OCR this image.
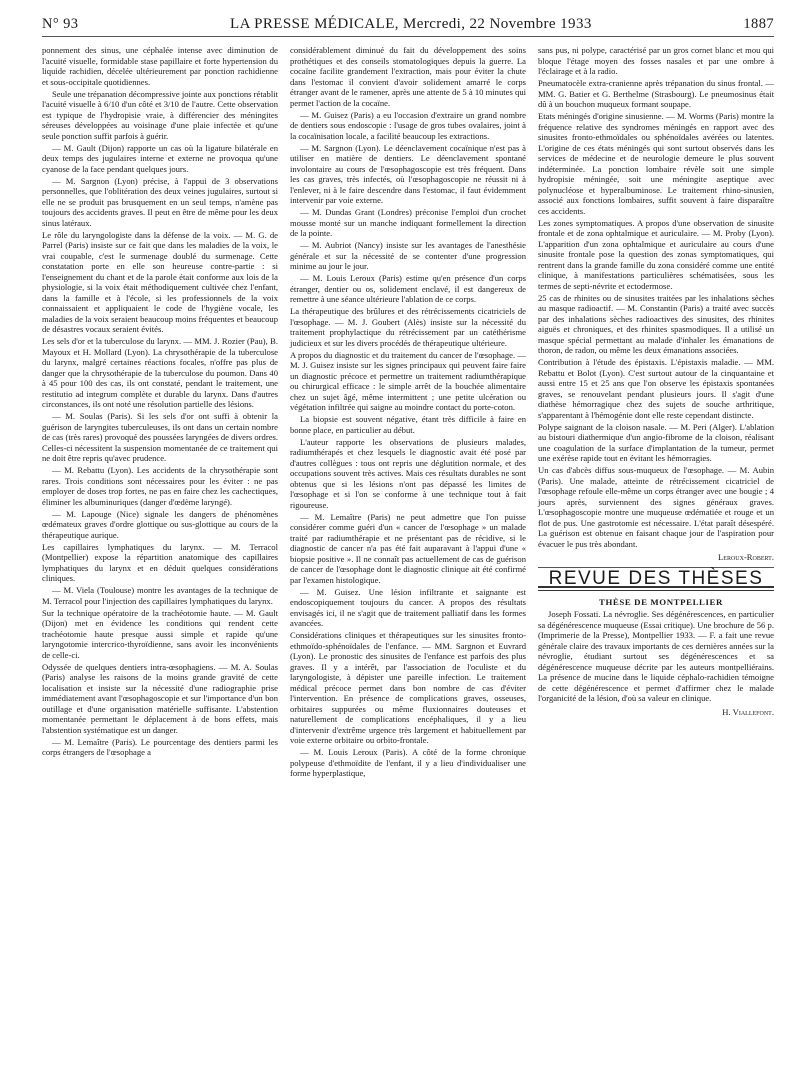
N° 93	LA PRESSE MÉDICALE, Mercredi, 22 Novembre 1933	1887

ponnement des sinus, une céphalée intense avec diminution de l'acuité visuelle, formidable stase papillaire et forte hypertension du liquide rachidien, décelée ultérieurement par ponction rachidienne et sous-occipitale quotidiennes.

Seule une trépanation décompressive jointe aux ponctions rétablit l'acuité visuelle à 6/10 d'un côté et 3/10 de l'autre. Cette observation est typique de l'hydropisie vraie, à différencier des méningites séreuses développées au voisinage d'une plaie infectée et qu'une seule ponction suffit parfois à guérir.

— M. Gault (Dijon) rapporte un cas où la ligature bilatérale en deux temps des jugulaires interne et externe ne provoqua qu'une cyanose de la face pendant quelques jours.

— M. Sargnon (Lyon) précise, à l'appui de 3 observations personnelles, que l'oblitération des deux veines jugulaires, surtout si elle ne se produit pas brusquement en un seul temps, n'amène pas toujours des accidents graves. Il peut en être de même pour les deux sinus latéraux.

Le rôle du laryngologiste dans la défense de la voix. — M. G. de Parrel (Paris) insiste sur ce fait que dans les maladies de la voix, le vrai coupable, c'est le surmenage doublé du surmenage. Cette constatation porte en elle son heureuse contre-partie : si l'enseignement du chant et de la parole était conforme aux lois de la physiologie, si la voix était méthodiquement cultivée chez l'enfant, dans la famille et à l'école, si les professionnels de la voix connaissaient et appliquaient le code de l'hygiène vocale, les maladies de la voix seraient beaucoup moins fréquentes et beaucoup de désastres vocaux seraient évités.

Les sels d'or et la tuberculose du larynx. — MM. J. Rozier (Pau), B. Mayoux et H. Mollard (Lyon). La chrysothérapie de la tuberculose du larynx, malgré certaines réactions focales, n'offre pas plus de danger que la chrysothérapie de la tuberculose du poumon. Dans 40 à 45 pour 100 des cas, ils ont constaté, pendant le traitement, une restitutio ad integrum complète et durable du larynx. Dans d'autres circonstances, ils ont noté une résolution partielle des lésions.

— M. Soulas (Paris). Si les sels d'or ont suffi à obtenir la guérison de laryngites tuberculeuses, ils ont dans un certain nombre de cas (très rares) provoqué des poussées laryngées de divers ordres. Celles-ci nécessitent la suspension momentanée de ce traitement qui ne doit être repris qu'avec prudence.

— M. Rebattu (Lyon). Les accidents de la chrysothérapie sont rares. Trois conditions sont nécessaires pour les éviter : ne pas employer de doses trop fortes, ne pas en faire chez les cachectiques, éliminer les albuminuriques (danger d'œdème laryngé).

— M. Lapouge (Nice) signale les dangers de phénomènes œdémateux graves d'ordre glottique ou sus-glottique au cours de la thérapeutique aurique.

Les capillaires lymphatiques du larynx. — M. Terracol (Montpellier) expose la répartition anatomique des capillaires lymphatiques du larynx et en déduit quelques considérations cliniques.

— M. Viela (Toulouse) montre les avantages de la technique de M. Terracol pour l'injection des capillaires lymphatiques du larynx.

Sur la technique opératoire de la trachéotomie haute. — M. Gault (Dijon) met en évidence les conditions qui rendent cette trachéotomie haute presque aussi simple et rapide qu'une laryngotomie intercrico-thyroïdienne, sans avoir les inconvénients de celle-ci.

Odyssée de quelques dentiers intra-œsophagiens. — M. A. Soulas (Paris) analyse les raisons de la moins grande gravité de cette localisation et insiste sur la nécessité d'une radiographie prise immédiatement avant l'œsophagoscopie et sur l'importance d'un bon outillage et d'une organisation matérielle suffisante. L'abstention momentanée permettant le déplacement à de bons effets, mais l'abstention systématique est un danger.

— M. Lemaître (Paris). Le pourcentage des dentiers parmi les corps étrangers de l'œsophage a

considérablement diminué du fait du développement des soins prothétiques et des conseils stomatologiques depuis la guerre. La cocaïne facilite grandement l'extraction, mais pour éviter la chute dans l'estomac il convient d'avoir solidement amarré le corps étranger avant de le ramener, après une attente de 5 à 10 minutes qui permet l'action de la cocaïne.

— M. Guisez (Paris) a eu l'occasion d'extraire un grand nombre de dentiers sous endoscopie : l'usage de gros tubes ovalaires, joint à la cocaïnisation locale, a facilité beaucoup les extractions.

— M. Sargnon (Lyon). Le déenclavement cocaïnique n'est pas à utiliser en matière de dentiers. Le déenclavement spontané involontaire au cours de l'œsophagoscopie est très fréquent. Dans les cas graves, très infectés, où l'œsophagoscopie ne réussit ni à l'enlever, ni à le faire descendre dans l'estomac, il faut évidemment intervenir par voie externe.

— M. Dundas Grant (Londres) préconise l'emploi d'un crochet mousse monté sur un manche indiquant formellement la direction de la pointe.

— M. Aubriot (Nancy) insiste sur les avantages de l'anesthésie générale et sur la nécessité de se contenter d'une progression minime au jour le jour.

— M. Louis Leroux (Paris) estime qu'en présence d'un corps étranger, dentier ou os, solidement enclavé, il est dangereux de remettre à une séance ultérieure l'ablation de ce corps.

La thérapeutique des brûlures et des rétrécissements cicatriciels de l'œsophage. — M. J. Goubert (Alès) insiste sur la nécessité du traitement prophylactique du rétrécissement par un catéthérisme judicieux et sur les divers procédés de thérapeutique ultérieure.

A propos du diagnostic et du traitement du cancer de l'œsophage. — M. J. Guisez insiste sur les signes principaux qui peuvent faire faire un diagnostic précoce et permettre un traitement radiumthérapique ou chirurgical efficace : le simple arrêt de la bouchée alimentaire chez un sujet âgé, même intermittent ; une petite ulcération ou végétation infiltrée qui saigne au moindre contact du porte-coton.

La biopsie est souvent négative, étant très difficile à faire en bonne place, en particulier au début.

L'auteur rapporte les observations de plusieurs malades, radiumthérapés et chez lesquels le diagnostic avait été posé par d'autres collègues : tous ont repris une déglutition normale, et des occupations souvent très actives. Mais ces résultats durables ne sont obtenus que si les lésions n'ont pas dépassé les limites de l'œsophage et si l'on se conforme à une technique tout à fait rigoureuse.

— M. Lemaître (Paris) ne peut admettre que l'on puisse considérer comme guéri d'un « cancer de l'œsophage » un malade traité par radiumthérapie et ne présentant pas de récidive, si le diagnostic de cancer n'a pas été fait auparavant à l'appui d'une « biopsie positive ». Il ne connaît pas actuellement de cas de guérison de cancer de l'œsophage dont le diagnostic clinique ait été confirmé par l'examen histologique.

— M. Guisez. Une lésion infiltrante et saignante est endoscopiquement toujours du cancer. A propos des résultats envisagés ici, il ne s'agit que de traitement palliatif dans les formes avancées.

Considérations cliniques et thérapeutiques sur les sinusites fronto-ethmoïdo-sphénoïdales de l'enfance. — MM. Sargnon et Euvrard (Lyon). Le pronostic des sinusites de l'enfance est parfois des plus graves. Il y a intérêt, par l'association de l'oculiste et du laryngologiste, à dépister une pareille infection. Le traitement médical précoce permet dans bon nombre de cas d'éviter l'intervention. En présence de complications graves, osseuses, orbitaires suppurées ou même fluxionnaires douteuses et naturellement de complications encéphaliques, il y a lieu d'intervenir d'extrême urgence très largement et habituellement par voie externe orbitaire ou orbito-frontale.

— M. Louis Leroux (Paris). A côté de la forme chronique polypeuse d'ethmoïdite de l'enfant, il y a lieu d'individualiser une forme hyperplastique,

sans pus, ni polype, caractérisé par un gros cornet blanc et mou qui bloque l'étage moyen des fosses nasales et par une ombre à l'éclairage et à la radio.

Pneumatocèle extra-cranienne après trépanation du sinus frontal. — MM. G. Batier et G. Berthelme (Strasbourg). Le pneumosinus était dû à un bouchon muqueux formant soupape.

Etats méningés d'origine sinusienne. — M. Worms (Paris) montre la fréquence relative des syndromes méningés en rapport avec des sinusites fronto-ethmoïdales ou sphénoïdales avérées ou latentes. L'origine de ces états méningés qui sont surtout observés dans les services de médecine et de neurologie demeure le plus souvent indéterminée. La ponction lombaire révèle soit une simple hydropisie méningée, soit une méningite aseptique avec polynucléose et hyperalbuminose. Le traitement rhino-sinusien, associé aux fonctions lombaires, suffit souvent à faire disparaître ces accidents.

Les zones symptomatiques. A propos d'une observation de sinusite frontale et de zona ophtalmique et auriculaire. — M. Proby (Lyon). L'apparition d'un zona ophtalmique et auriculaire au cours d'une sinusite frontale pose la question des zonas symptomatiques, qui rentrent dans la grande famille du zona considéré comme une entité clinique, à manifestations particulières schématisées, sous les termes de septi-névrite et ectodermose.

25 cas de rhinites ou de sinusites traitées par les inhalations sèches au masque radioactif. — M. Constantin (Paris) a traité avec succès par des inhalations sèches radioactives des sinusites, des rhinites aiguës et chroniques, et des rhinites spasmodiques. Il a utilisé un masque spécial permettant au malade d'inhaler les émanations de thoron, de radon, ou même les deux émanations associées.

Contribution à l'étude des épistaxis. L'épistaxis maladie. — MM. Rebattu et Bolot (Lyon). C'est surtout autour de la cinquantaine et aussi entre 15 et 25 ans que l'on observe les épistaxis spontanées graves, se renouvelant pendant plusieurs jours. Il s'agit d'une diathèse hémorragique chez des sujets de souche arthritique, s'apparentant à l'hémogénie dont elle reste cependant distincte.

Polype saignant de la cloison nasale. — M. Peri (Alger). L'ablation au bistouri diathermique d'un angio-fibrome de la cloison, réalisant une coagulation de la surface d'implantation de la tumeur, permet une exérèse rapide tout en évitant les hémorragies.

Un cas d'abcès diffus sous-muqueux de l'œsophage. — M. Aubin (Paris). Une malade, atteinte de rétrécissement cicatriciel de l'œsophage refoule elle-même un corps étranger avec une bougie ; 4 jours après, surviennent des signes généraux graves. L'œsophagoscopie montre une muqueuse œdématiée et rouge et un flot de pus. Une gastrotomie est nécessaire. L'état paraît désespéré. La guérison est obtenue en faisant chaque jour de l'aspiration pour évacuer le pus très abondant.

Leroux-Robert.

REVUE DES THÈSES

THÈSE DE MONTPELLIER

Joseph Fossati. La névroglie. Ses dégénérescences, en particulier sa dégénérescence muqueuse (Essai critique). Une brochure de 56 p. (Imprimerie de la Presse), Montpellier 1933. — F. a fait une revue générale claire des travaux importants de ces dernières années sur la névroglie, étudiant surtout ses dégénérescences et sa dégénérescence muqueuse décrite par les auteurs montpelliérains. La présence de mucine dans le liquide céphalo-rachidien témoigne de cette dégénérescence et permet d'affirmer chez le malade l'organicité de la lésion, d'où sa valeur en clinique.

H. Viallefont.
